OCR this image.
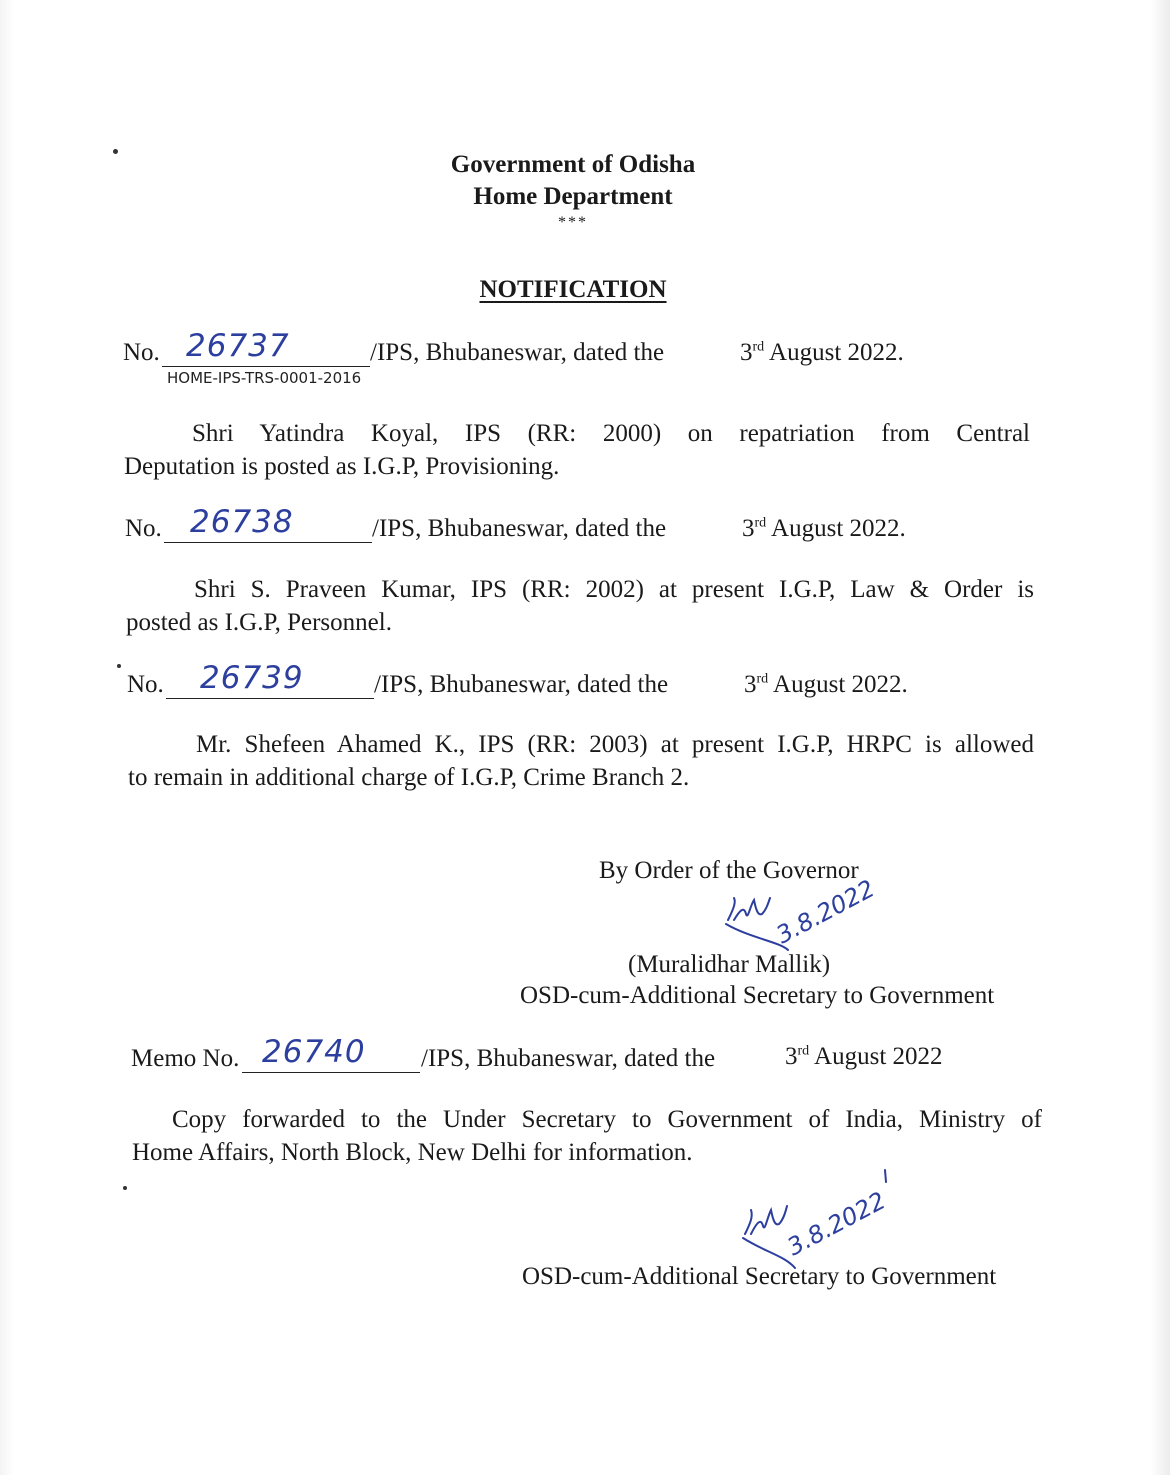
Government of Odisha
Home Department
***
NOTIFICATION
No. 26737	/IPS, Bhubaneswar, dated the	3rd August 2022.
HOME-IPS-TRS-0001-2016
Shri Yatindra Koyal, IPS (RR: 2000) on repatriation from Central
Deputation is posted as I.G.P, Provisioning.
No. 26738	/IPS, Bhubaneswar, dated the	3rd August 2022.
Shri S. Praveen Kumar, IPS (RR: 2002) at present I.G.P, Law & Order is
posted as I.G.P, Personnel.
No. 26739	/IPS, Bhubaneswar, dated the	3rd August 2022.
Mr. Shefeen Ahamed K., IPS (RR: 2003) at present I.G.P, HRPC is allowed
to remain in additional charge of I.G.P, Crime Branch 2.
By Order of the Governor
3.8.2022
(Muralidhar Mallik)
OSD-cum-Additional Secretary to Government
Memo No. 26740 /IPS, Bhubaneswar, dated the	3rd August 2022
Copy forwarded to the Under Secretary to Government of India, Ministry of
Home Affairs, North Block, New Delhi for information.
3.8.2022
OSD-cum-Additional Secretary to Government
